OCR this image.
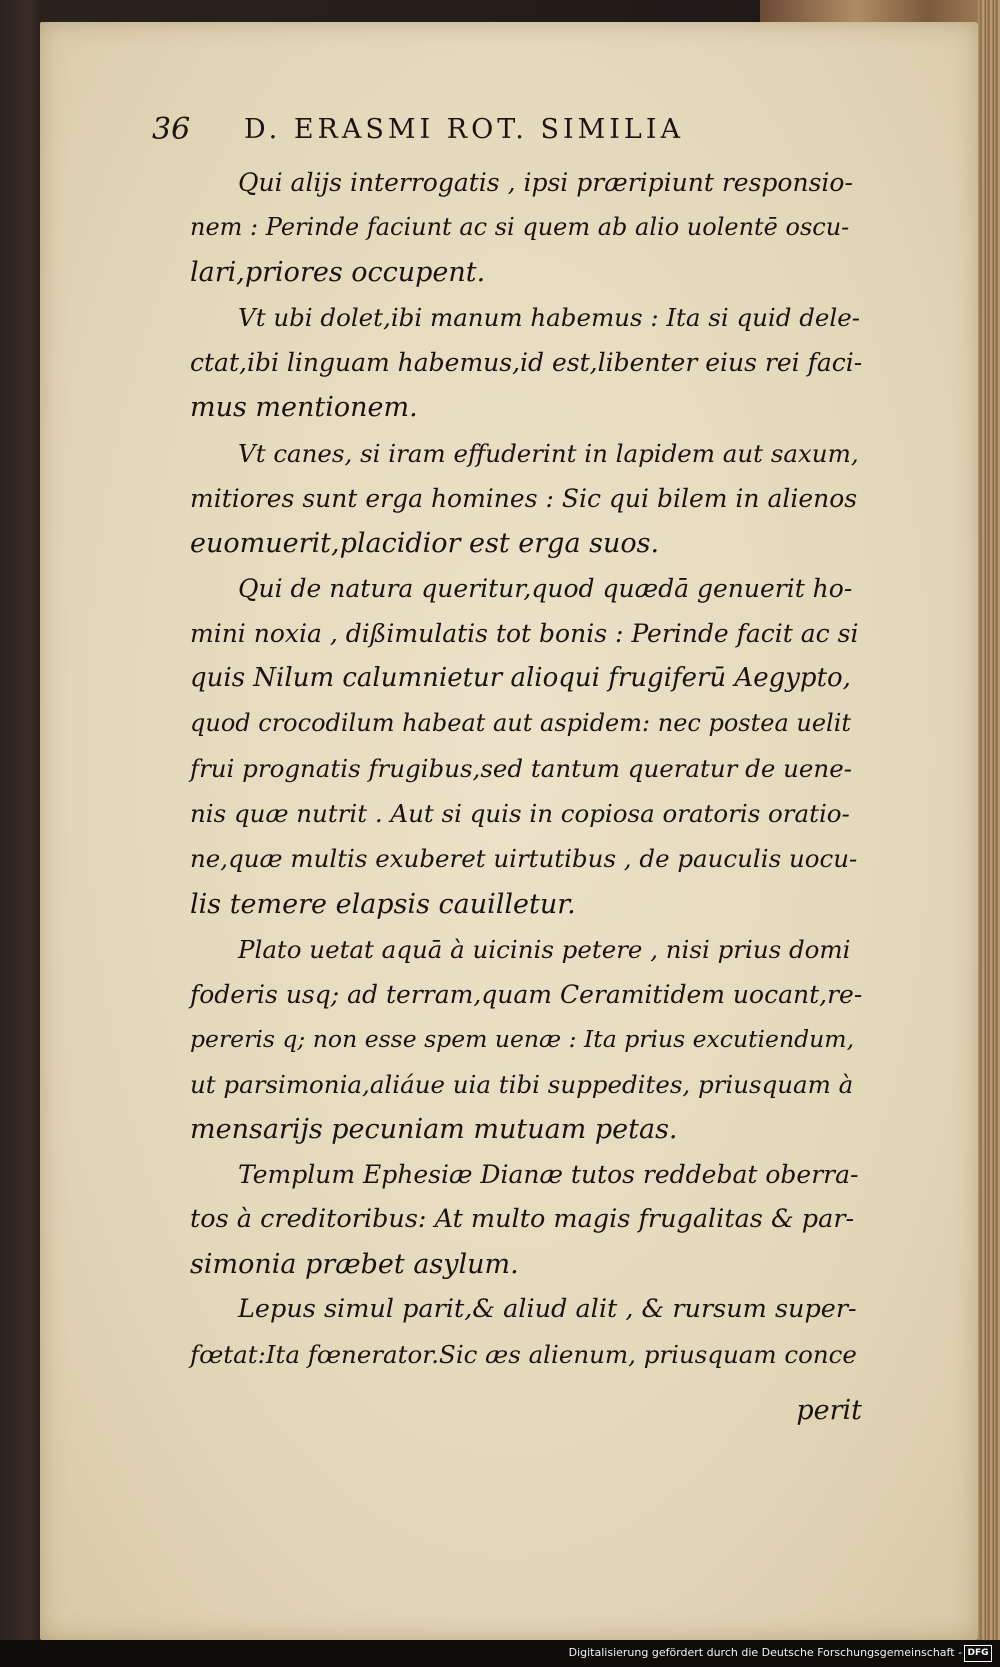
36 D. ERASMI ROT. SIMILIA
Qui alijs interrogatis , ipsi præripiunt responsio-
nem : Perinde faciunt ac si quem ab alio uolentē oscu-
lari,priores occupent.
Vt ubi dolet,ibi manum habemus : Ita si quid dele-
ctat,ibi linguam habemus,id est,libenter eius rei faci-
mus mentionem.
Vt canes, si iram effuderint in lapidem aut saxum,
mitiores sunt erga homines : Sic qui bilem in alienos
euomuerit,placidior est erga suos.
Qui de natura queritur,quod quædā genuerit ho-
mini noxia , dißimulatis tot bonis : Perinde facit ac si
quis Nilum calumnietur alioqui frugiferū Aegypto,
quod crocodilum habeat aut aspidem: nec postea uelit
frui prognatis frugibus,sed tantum queratur de uene-
nis quæ nutrit . Aut si quis in copiosa oratoris oratio-
ne,quæ multis exuberet uirtutibus , de pauculis uocu-
lis temere elapsis cauilletur.
Plato uetat aquā à uicinis petere , nisi prius domi
foderis usq; ad terram,quam Ceramitidem uocant,re-
pereris q; non esse spem uenæ : Ita prius excutiendum,
ut parsimonia,aliáue uia tibi suppedites, priusquam à
mensarijs pecuniam mutuam petas.
Templum Ephesiæ Dianæ tutos reddebat oberra-
tos à creditoribus: At multo magis frugalitas & par-
simonia præbet asylum.
Lepus simul parit,& aliud alit , & rursum super-
fœtat:Ita fœnerator.Sic æs alienum, priusquam conce
perit
Digitalisierung gefördert durch die Deutsche Forschungsgemeinschaft - DFG
